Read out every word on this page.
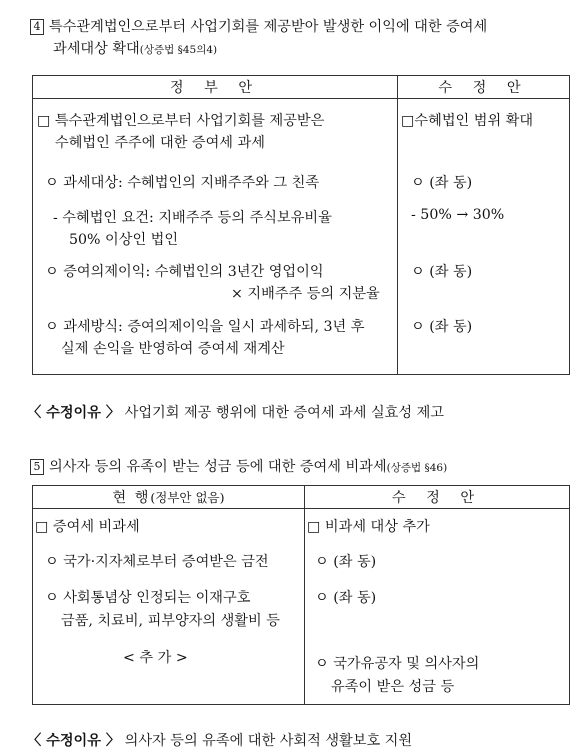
4 특수관계법인으로부터 사업기회를 제공받아 발생한 이익에 대한 증여세
과세대상 확대(상증법 §45의4)
정 부 안	수 정 안
□ 특수관계법인으로부터 사업기회를 제공받은
수혜법인 주주에 대한 증여세 과세
ㅇ 과세대상: 수혜법인의 지배주주와 그 친족
- 수혜법인 요건: 지배주주 등의 주식보유비율
50% 이상인 법인
ㅇ 증여의제이익: 수혜법인의 3년간 영업이익
× 지배주주 등의 지분율
ㅇ 과세방식: 증여의제이익을 일시 과세하되, 3년 후
실제 손익을 반영하여 증여세 재계산
□수혜법인 범위 확대
ㅇ (좌 동)
- 50% → 30%
ㅇ (좌 동)
ㅇ (좌 동)
〈 수정이유 〉 사업기회 제공 행위에 대한 증여세 과세 실효성 제고
5 의사자 등의 유족이 받는 성금 등에 대한 증여세 비과세(상증법 §46)
현 행 (정부안 없음)	수 정 안
□ 증여세 비과세
ㅇ 국가·지자체로부터 증여받은 금전
ㅇ 사회통념상 인정되는 이재구호
금품, 치료비, 피부양자의 생활비 등
< 추 가 >
□ 비과세 대상 추가
ㅇ (좌 동)
ㅇ (좌 동)
ㅇ 국가유공자 및 의사자의
유족이 받은 성금 등
〈 수정이유 〉 의사자 등의 유족에 대한 사회적 생활보호 지원
